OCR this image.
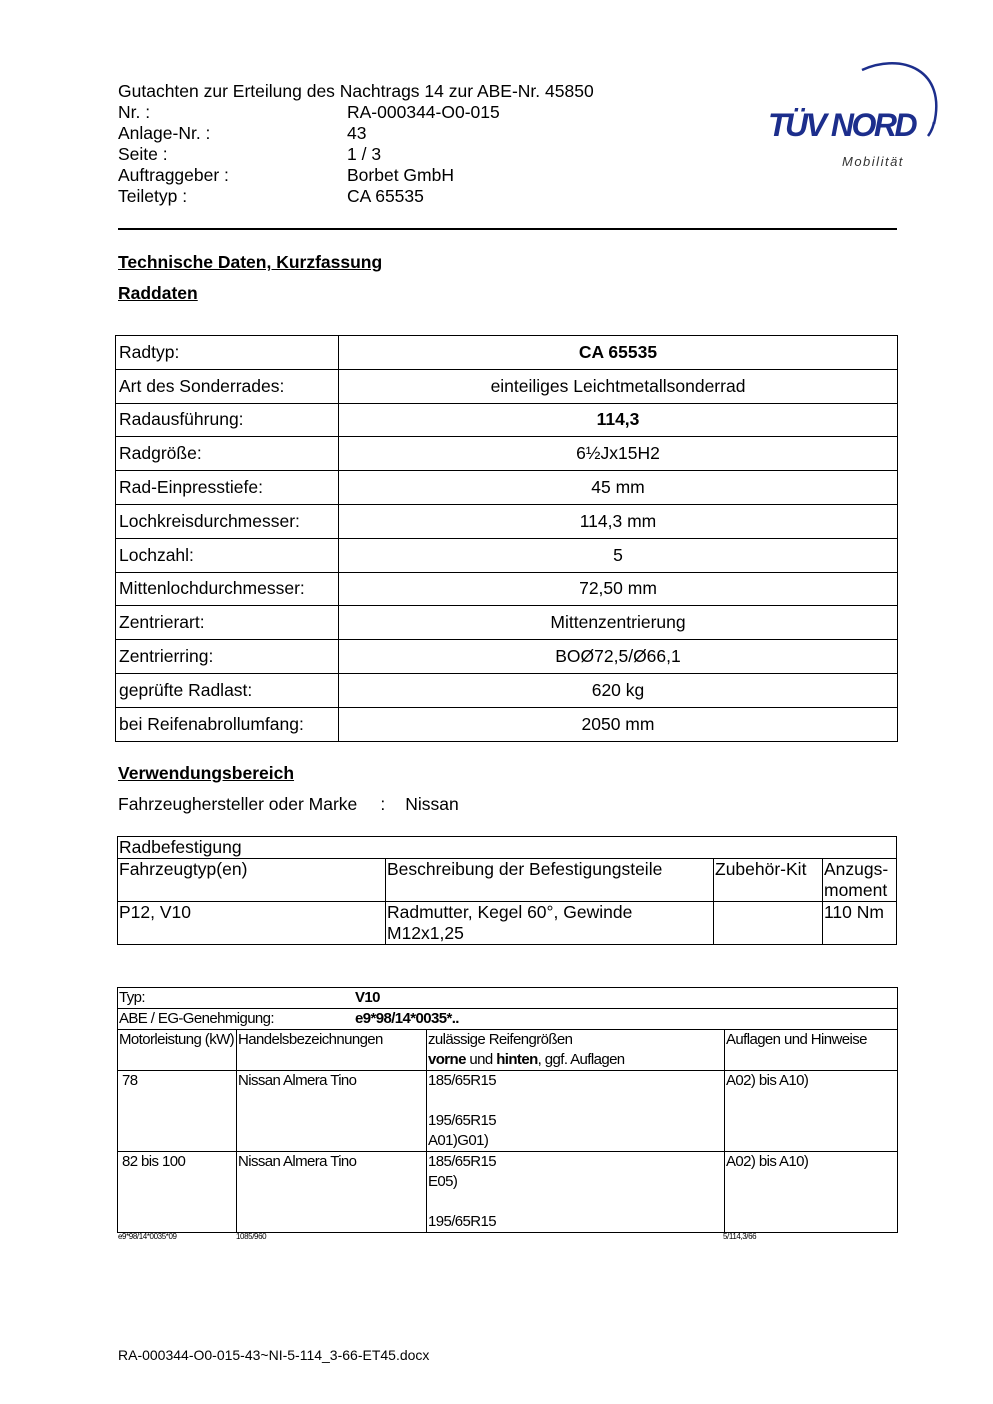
Gutachten zur Erteilung des Nachtrags 14 zur ABE-Nr. 45850
Nr. :	RA-000344-O0-015
Anlage-Nr. :	43
Seite :	1 / 3
Auftraggeber :	Borbet GmbH
Teiletyp :	CA 65535
TÜV NORD
Mobilität
Technische Daten, Kurzfassung
Raddaten
Radtyp:	CA 65535
Art des Sonderrades:	einteiliges Leichtmetallsonderrad
Radausführung:	114,3
Radgröße:	6½Jx15H2
Rad-Einpresstiefe:	45 mm
Lochkreisdurchmesser:	114,3 mm
Lochzahl:	5
Mittenlochdurchmesser:	72,50 mm
Zentrierart:	Mittenzentrierung
Zentrierring:	BOØ72,5/Ø66,1
geprüfte Radlast:	620 kg
bei Reifenabrollumfang:	2050 mm
Verwendungsbereich
Fahrzeughersteller oder Marke : Nissan
Radbefestigung			
Fahrzeugtyp(en)	Beschreibung der Befestigungsteile	Zubehör-Kit	Anzugs-moment
P12, V10	Radmutter, Kegel 60°, Gewinde M12x1,25		110 Nm
Typ: V10			
ABE / EG-Genehmigung: e9*98/14*0035*..			
Motorleistung (kW)	Handelsbezeichnungen	zulässige Reifengrößen
vorne und hinten, ggf. Auflagen	Auflagen und Hinweise
78	Nissan Almera Tino	185/65R15
195/65R15
A01)G01)	A02) bis A10)
82 bis 100	Nissan Almera Tino	185/65R15
E05)
195/65R15	A02) bis A10)
e9*98/14*0035*09	1085/960	5/114,3/66
RA-000344-O0-015-43~NI-5-114_3-66-ET45.docx
